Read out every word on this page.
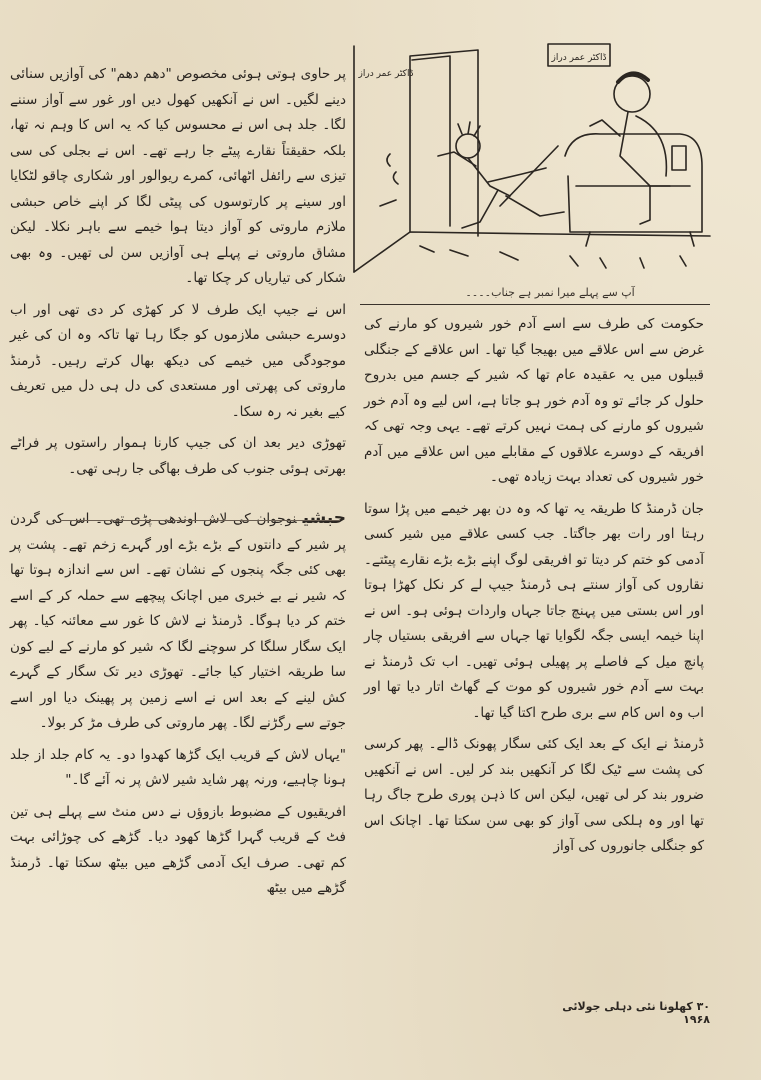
پر حاوی ہوتی ہوئی مخصوص "دھم دھم" کی آوازیں سنائی دینے لگیں۔ اس نے آنکھیں کھول دیں اور غور سے آواز سننے لگا۔ جلد ہی اس نے محسوس کیا کہ یہ اس کا وہم نہ تھا، بلکہ حقیقتاً نقارے پیٹے جا رہے تھے۔ اس نے بجلی کی سی تیزی سے رائفل اٹھائی، کمرے ریوالور اور شکاری چاقو لٹکایا اور سینے پر کارتوسوں کی پیٹی لگا کر اپنے خاص حبشی ملازم ماروتی کو آواز دیتا ہوا خیمے سے باہر نکلا۔ لیکن مشاق ماروتی نے پہلے ہی آوازیں سن لی تھیں۔ وہ بھی شکار کی تیاریاں کر چکا تھا۔

اس نے جیپ ایک طرف لا کر کھڑی کر دی تھی اور اب دوسرے حبشی ملازموں کو جگا رہا تھا تاکہ وہ ان کی غیر موجودگی میں خیمے کی دیکھ بھال کرتے رہیں۔ ڈرمنڈ ماروتی کی پھرتی اور مستعدی کی دل ہی دل میں تعریف کیے بغیر نہ رہ سکا۔

تھوڑی دیر بعد ان کی جیپ کارنا ہموار راستوں پر فراٹے بھرتی ہوئی جنوب کی طرف بھاگی جا رہی تھی۔

حبشینوجوان کی لاش اوندھی پڑی تھی۔ اس کی گردن پر شیر کے دانتوں کے بڑے بڑے اور گہرے زخم تھے۔ پشت پر بھی کئی جگہ پنجوں کے نشان تھے۔ اس سے اندازہ ہوتا تھا کہ شیر نے بے خبری میں اچانک پیچھے سے حملہ کر کے اسے ختم کر دیا ہوگا۔ ڈرمنڈ نے لاش کا غور سے معائنہ کیا۔ پھر ایک سگار سلگا کر سوچنے لگا کہ شیر کو مارنے کے لیے کون سا طریقہ اختیار کیا جائے۔ تھوڑی دیر تک سگار کے گہرے کش لینے کے بعد اس نے اسے زمین پر پھینک دیا اور اسے جوتے سے رگڑنے لگا۔ پھر ماروتی کی طرف مڑ کر بولا۔

"یہاں لاش کے قریب ایک گڑھا کھدوا دو۔ یہ کام جلد از جلد ہونا چاہیے، ورنہ پھر شاید شیر لاش پر نہ آئے گا۔"

افریقیوں کے مضبوط بازوؤں نے دس منٹ سے پہلے ہی تین فٹ کے قریب گہرا گڑھا کھود دیا۔ گڑھے کی چوڑائی بہت کم تھی۔ صرف ایک آدمی گڑھے میں بیٹھ سکتا تھا۔ ڈرمنڈ گڑھے میں بیٹھ

ڈاکٹر عمر دراز
ڈاکٹر عمر دراز
آپ سے پہلے میرا نمبر ہے جناب۔۔۔۔

حکومت کی طرف سے اسے آدم خور شیروں کو مارنے کی غرض سے اس علاقے میں بھیجا گیا تھا۔ اس علاقے کے جنگلی قبیلوں میں یہ عقیدہ عام تھا کہ شیر کے جسم میں بدروح حلول کر جائے تو وہ آدم خور ہو جاتا ہے، اس لیے وہ آدم خور شیروں کو مارنے کی ہمت نہیں کرتے تھے۔ یہی وجہ تھی کہ افریقہ کے دوسرے علاقوں کے مقابلے میں اس علاقے میں آدم خور شیروں کی تعداد بہت زیادہ تھی۔

جان ڈرمنڈ کا طریقہ یہ تھا کہ وہ دن بھر خیمے میں پڑا سوتا رہتا اور رات بھر جاگتا۔ جب کسی علاقے میں شیر کسی آدمی کو ختم کر دیتا تو افریقی لوگ اپنے بڑے بڑے نقارے پیٹتے۔ نقاروں کی آواز سنتے ہی ڈرمنڈ جیپ لے کر نکل کھڑا ہوتا اور اس بستی میں پہنچ جاتا جہاں واردات ہوئی ہو۔ اس نے اپنا خیمہ ایسی جگہ لگوایا تھا جہاں سے افریقی بستیاں چار پانچ میل کے فاصلے پر پھیلی ہوئی تھیں۔ اب تک ڈرمنڈ نے بہت سے آدم خور شیروں کو موت کے گھاٹ اتار دیا تھا اور اب وہ اس کام سے بری طرح اکتا گیا تھا۔

ڈرمنڈ نے ایک کے بعد ایک کئی سگار پھونک ڈالے۔ پھر کرسی کی پشت سے ٹیک لگا کر آنکھیں بند کر لیں۔ اس نے آنکھیں ضرور بند کر لی تھیں، لیکن اس کا ذہن پوری طرح جاگ رہا تھا اور وہ ہلکی سی آواز کو بھی سن سکتا تھا۔ اچانک اس کو جنگلی جانوروں کی آواز

۳۰ کھلونا نئی دہلی جولائی ۱۹۶۸
